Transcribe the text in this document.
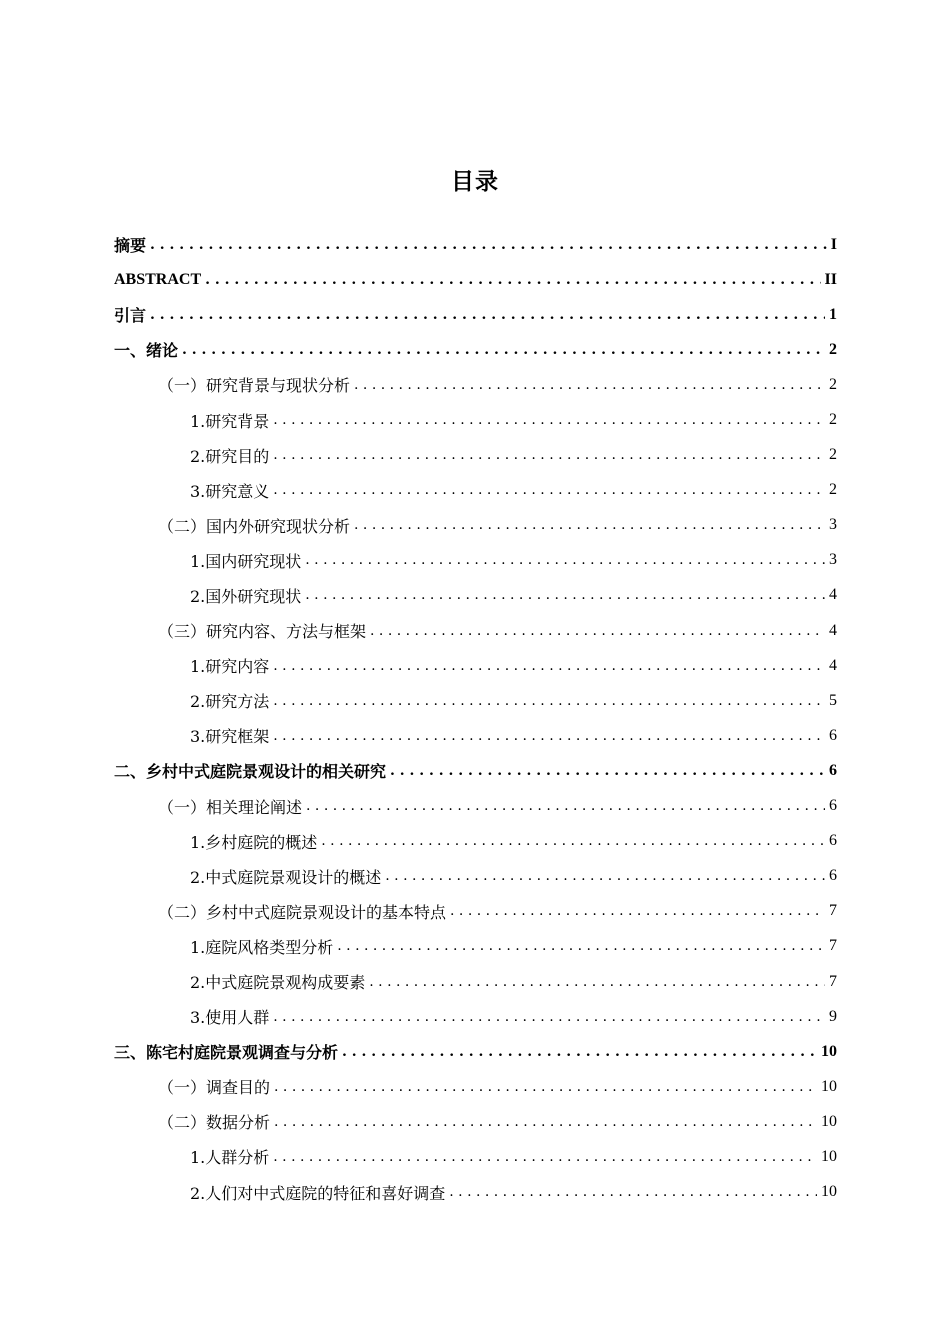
目录
摘要 . . .	I
ABSTRACT . . .	II
引言 . . .	1
一、绪论 . . .	2
（一）研究背景与现状分析 . . .	2
1.研究背景 . . .	2
2.研究目的 . . .	2
3.研究意义 . . .	2
（二）国内外研究现状分析 . . .	3
1.国内研究现状 . . .	3
2.国外研究现状 . . .	4
（三）研究内容、方法与框架 . . .	4
1.研究内容 . . .	4
2.研究方法 . . .	5
3.研究框架 . . .	6
二、乡村中式庭院景观设计的相关研究 . . .	6
（一）相关理论阐述 . . .	6
1.乡村庭院的概述 . . .	6
2.中式庭院景观设计的概述 . . .	6
（二）乡村中式庭院景观设计的基本特点 . . .	7
1.庭院风格类型分析 . . .	7
2.中式庭院景观构成要素 . . .	7
3.使用人群 . . .	9
三、陈宅村庭院景观调查与分析 . . .	10
（一）调查目的 . . .	10
（二）数据分析 . . .	10
1.人群分析 . . .	10
2.人们对中式庭院的特征和喜好调查 . . .	10
